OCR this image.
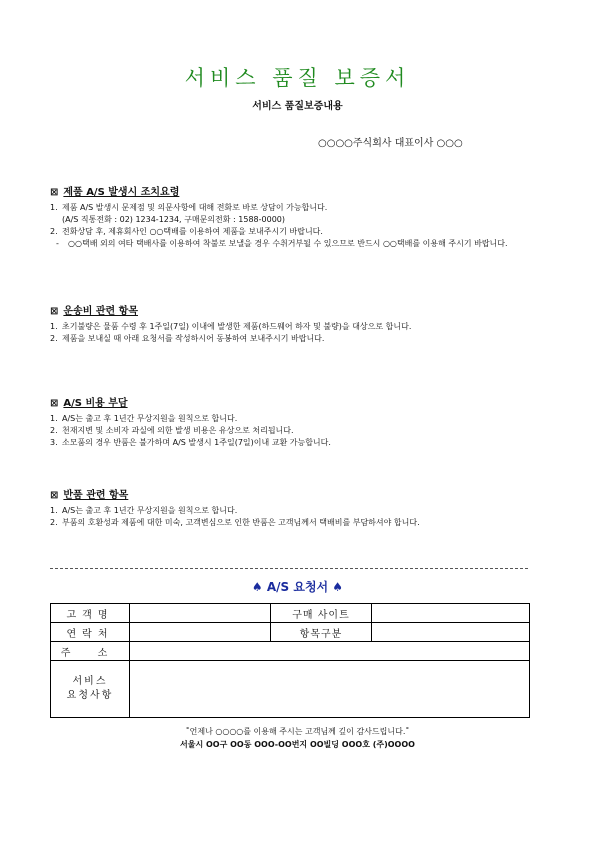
서비스 품질 보증서
서비스 품질보증내용
○○○○주식회사 대표이사 ○○○
⊠ 제품 A/S 발생시 조치요령
1. 제품 A/S 발생시 문제점 및 의문사항에 대해 전화로 바로 상담이 가능합니다.
(A/S 직통전화 : 02) 1234-1234, 구매문의전화 : 1588-0000)
2. 전화상담 후, 제휴회사인 ○○택배를 이용하여 제품을 보내주시기 바랍니다.
-	○○택배 외의 여타 택배사를 이용하여 착불로 보낼을 경우 수취거부될 수 있으므로 반드시 ○○택배를 이용해 주시기 바랍니다.
⊠ 운송비 관련 항목
1. 초기불량은 물품 수령 후 1주일(7일) 이내에 발생한 제품(하드웨어 하자 및 불량)을 대상으로 합니다.
2. 제품을 보내실 때 아래 요청서를 작성하시어 동봉하여 보내주시기 바랍니다.
⊠ A/S 비용 부담
1. A/S는 출고 후 1년간 무상지원을 원칙으로 합니다.
2. 천재지변 및 소비자 과실에 의한 발생 비용은 유상으로 처리됩니다.
3. 소모품의 경우 반품은 불가하며 A/S 발생시 1주일(7일)이내 교환 가능합니다.
⊠ 반품 관련 항목
1. A/S는 출고 후 1년간 무상지원을 원칙으로 합니다.
2. 부품의 호환성과 제품에 대한 미숙, 고객변심으로 인한 반품은 고객님께서 택배비를 부담하셔야 합니다.
♠ A/S 요청서 ♠
고객명		구매 사이트	
연락처		항목구분	
주 소			

서비스
요청사항			

˚언제나 ○○○○를 이용해 주시는 고객님께 깊이 감사드립니다.˚
서울시 OO구 OO동 OOO-OO번지 OO빌딩 OOO호 (주)OOOO
